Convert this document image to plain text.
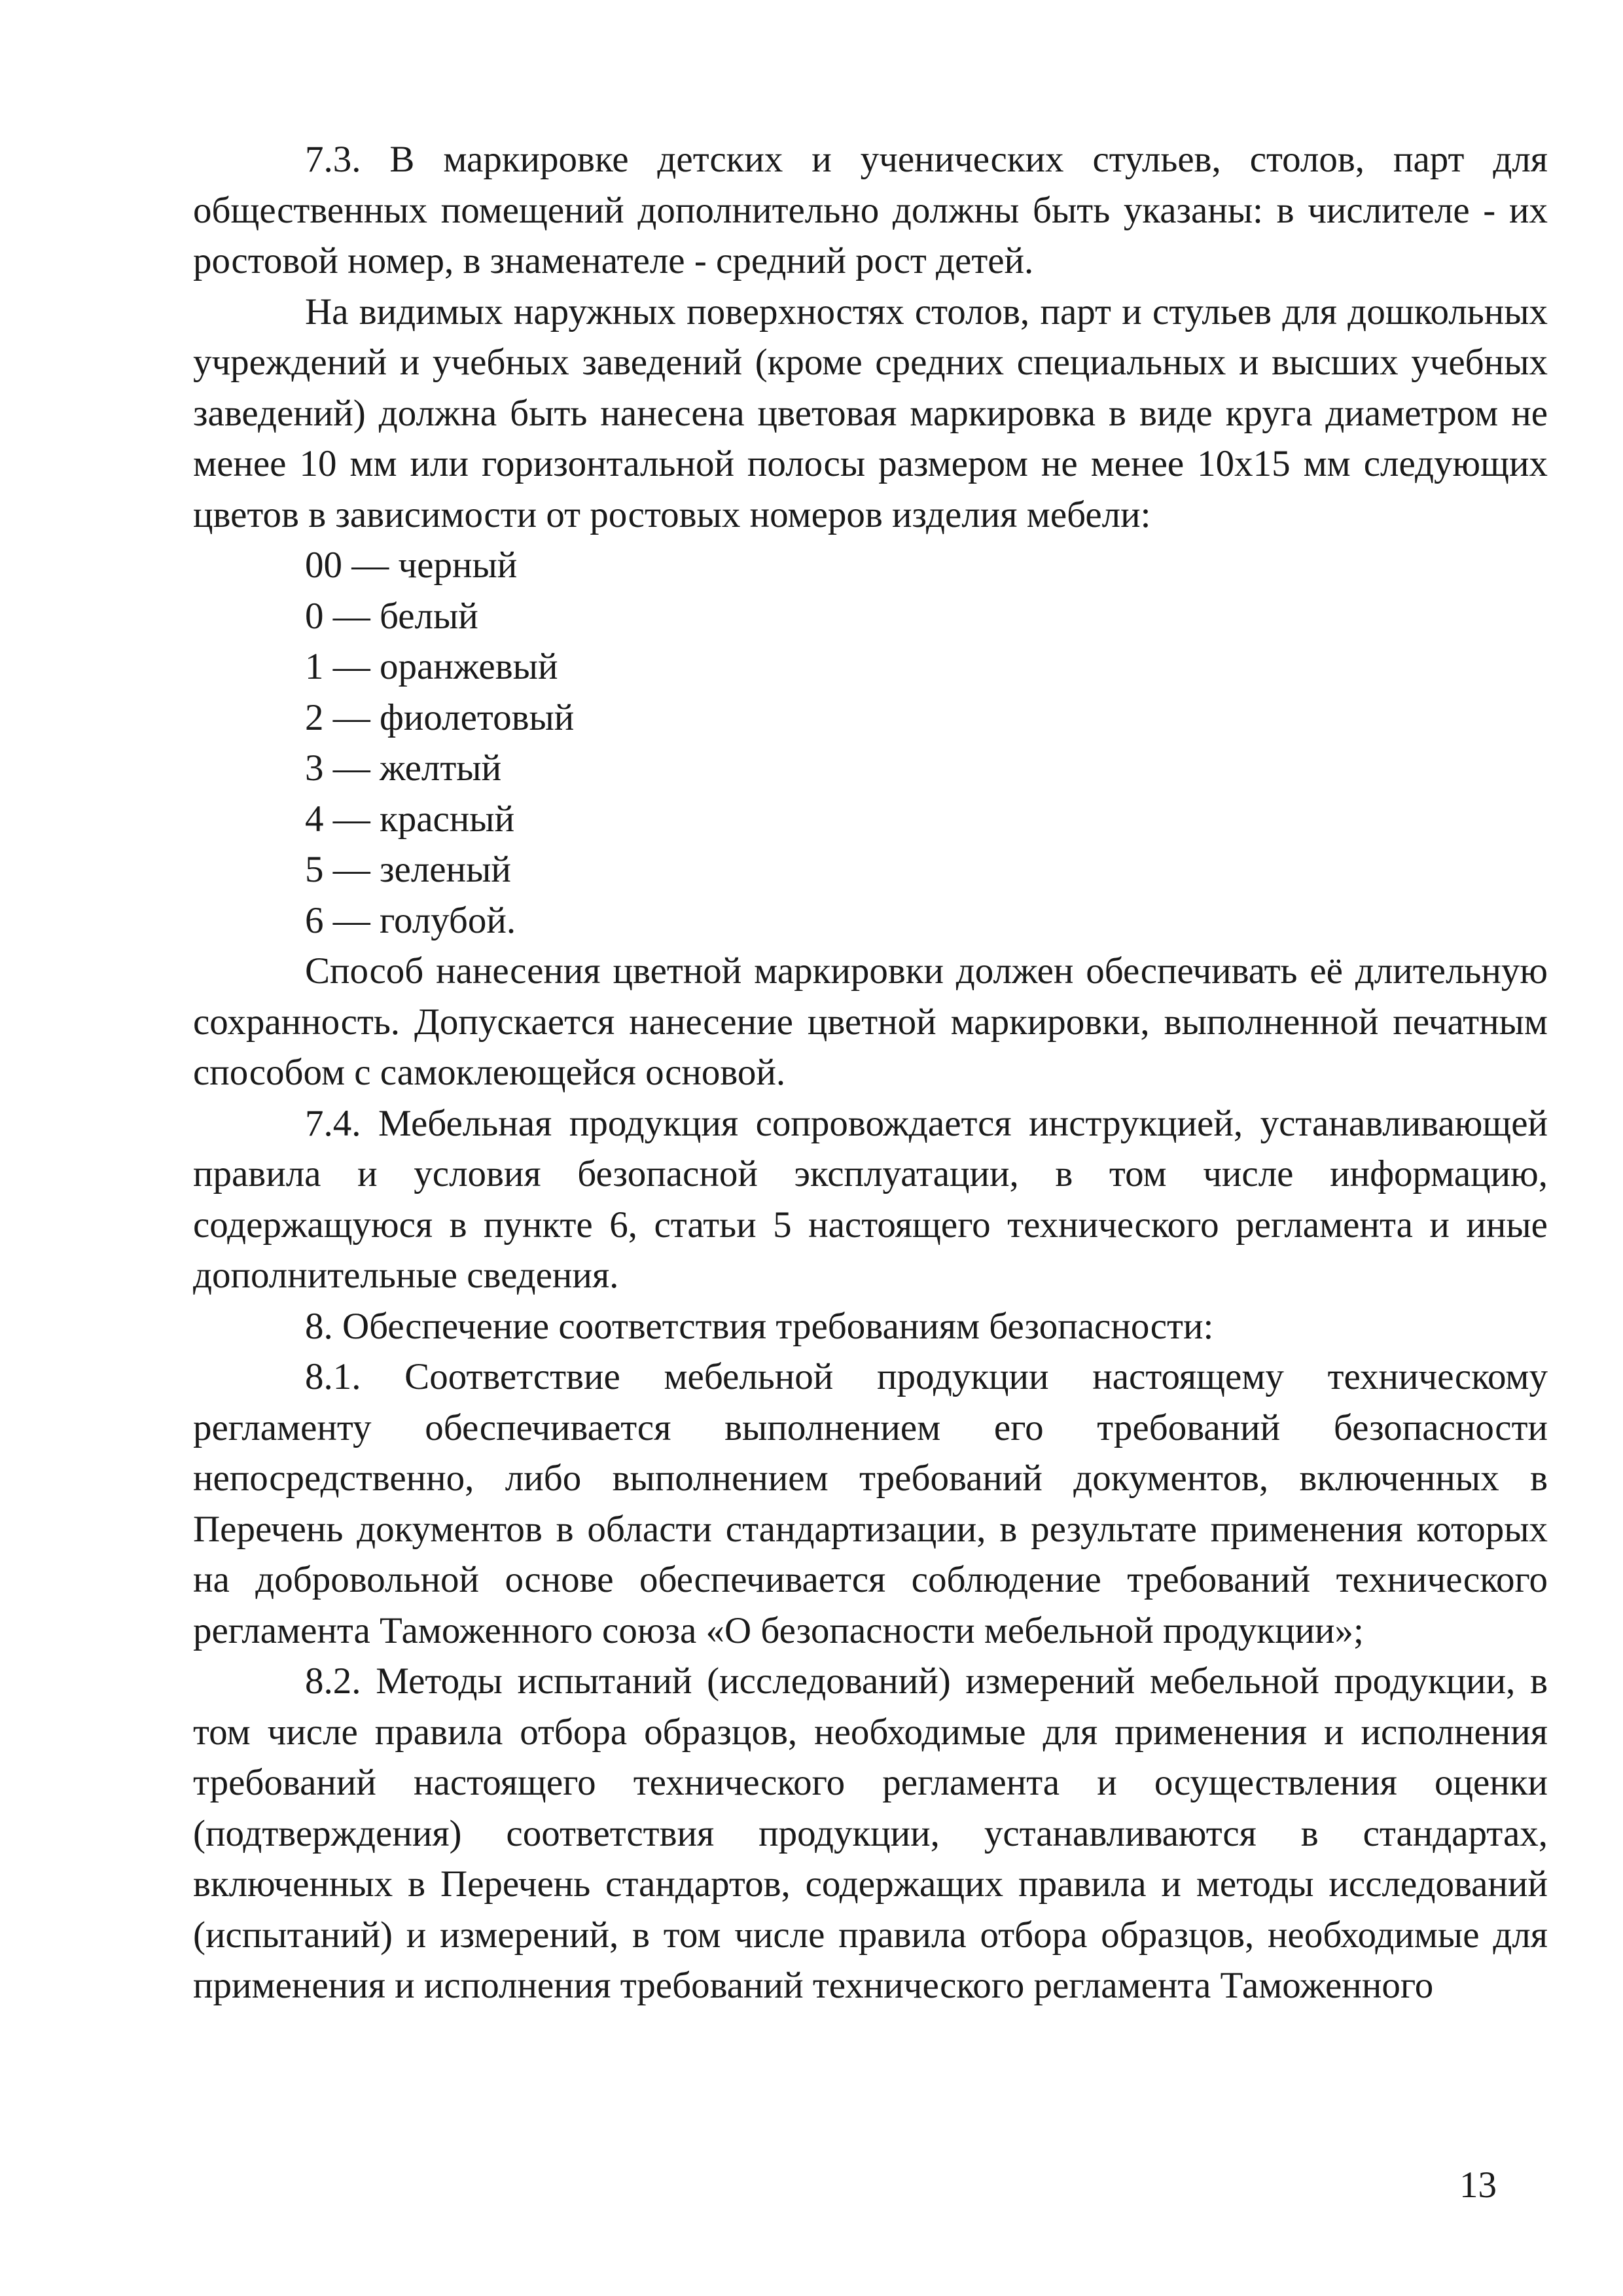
7.3. В маркировке детских и ученических стульев, столов, парт для общественных помещений дополнительно должны быть указаны: в числителе - их ростовой номер, в знаменателе - средний рост детей.

На видимых наружных поверхностях столов, парт и стульев для дошкольных учреждений и учебных заведений (кроме средних специальных и высших учебных заведений) должна быть нанесена цветовая маркировка в виде круга диаметром не менее 10 мм или горизонтальной полосы размером не менее 10х15 мм следующих цветов в зависимости от ростовых номеров изделия мебели:

00 — черный
0 — белый
1 — оранжевый
2 — фиолетовый
3 — желтый
4 — красный
5 — зеленый
6 — голубой.

Способ нанесения цветной маркировки должен обеспечивать её длительную сохранность. Допускается нанесение цветной маркировки, выполненной печатным способом с самоклеющейся основой.

7.4. Мебельная продукция сопровождается инструкцией, устанавливающей правила и условия безопасной эксплуатации, в том числе информацию, содержащуюся в пункте 6, статьи 5 настоящего технического регламента и иные дополнительные сведения.

8. Обеспечение соответствия требованиям безопасности:

8.1. Соответствие мебельной продукции настоящему техническому регламенту обеспечивается выполнением его требований безопасности непосредственно, либо выполнением требований документов, включенных в Перечень документов в области стандартизации, в результате применения которых на добровольной основе обеспечивается соблюдение требований технического регламента Таможенного союза «О безопасности мебельной продукции»;

8.2. Методы испытаний (исследований) измерений мебельной продукции, в том числе правила отбора образцов, необходимые для применения и исполнения требований настоящего технического регламента и осуществления оценки (подтверждения) соответствия продукции, устанавливаются в стандартах, включенных в Перечень стандартов, содержащих правила и методы исследований (испытаний) и измерений, в том числе правила отбора образцов, необходимые для применения и исполнения требований технического регламента Таможенного

13
